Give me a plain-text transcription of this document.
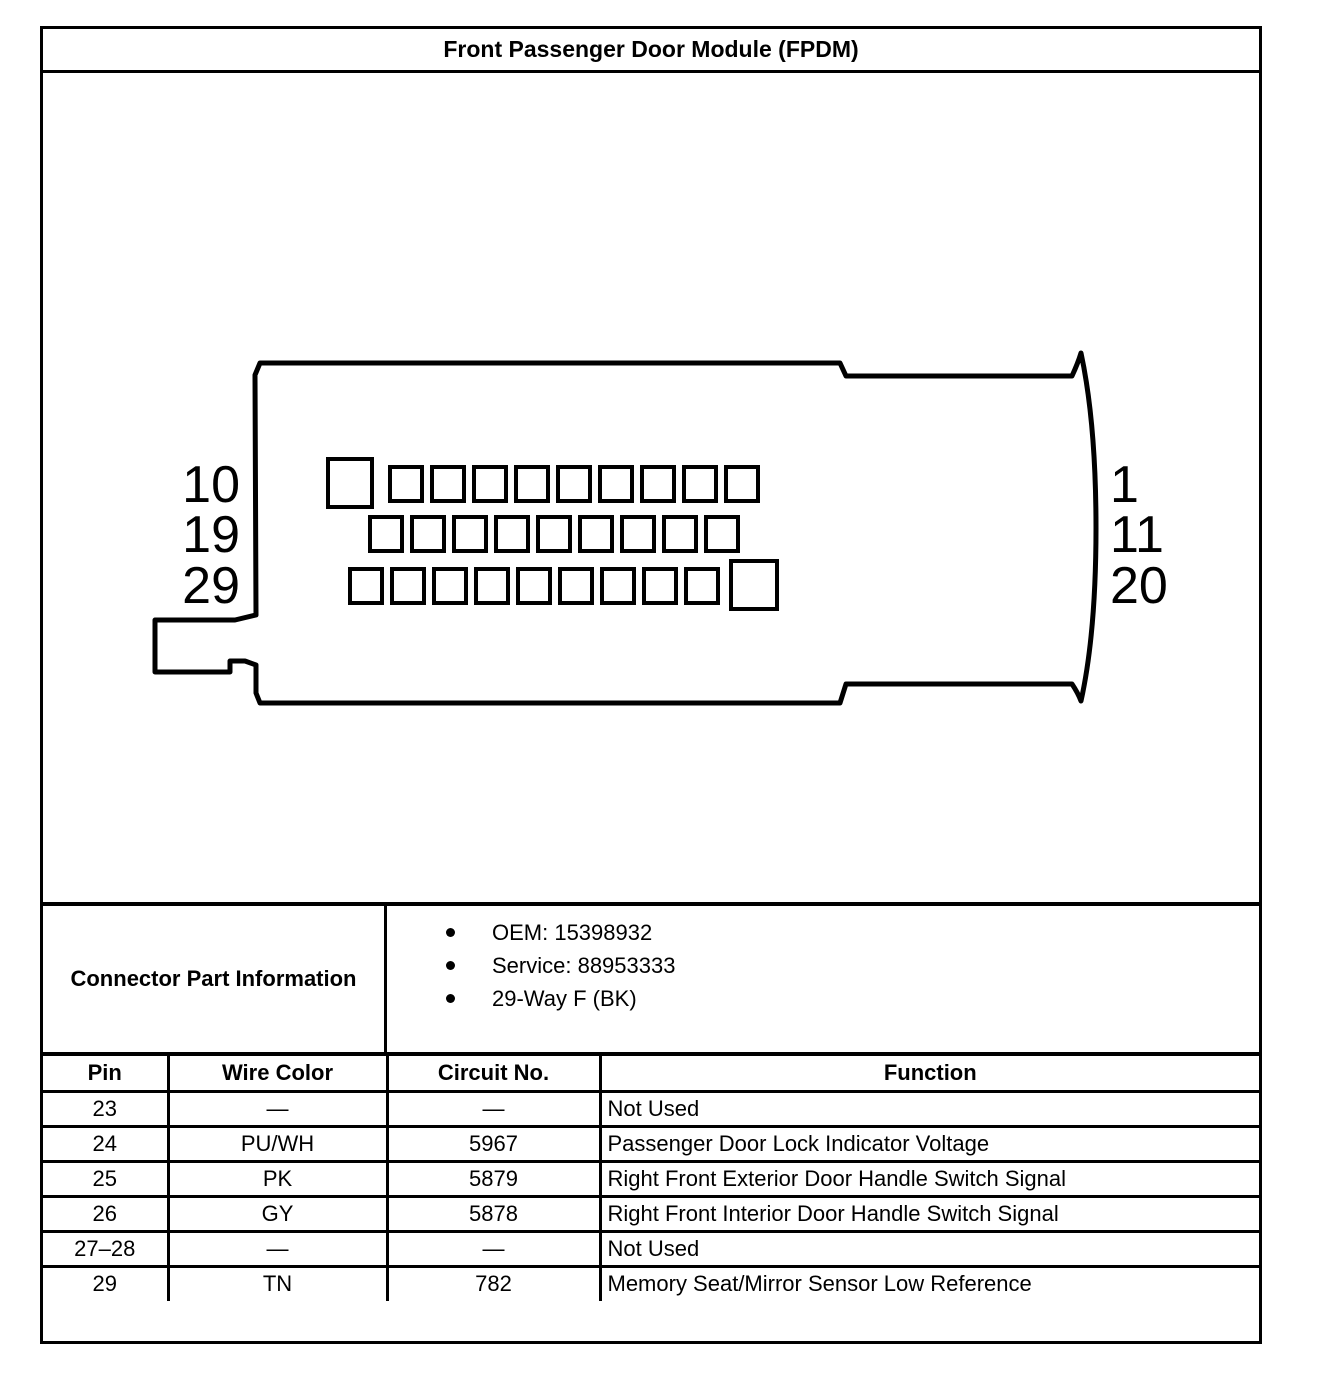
Front Passenger Door Module (FPDM)
10
19
29
1
11
20
Connector Part Information
OEM: 15398932
Service: 88953333
29-Way F (BK)
Pin	Wire Color	Circuit No.	Function
23	—	—	Not Used
24	PU/WH	5967	Passenger Door Lock Indicator Voltage
25	PK	5879	Right Front Exterior Door Handle Switch Signal
26	GY	5878	Right Front Interior Door Handle Switch Signal
27–28	—	—	Not Used
29	TN	782	Memory Seat/Mirror Sensor Low Reference
